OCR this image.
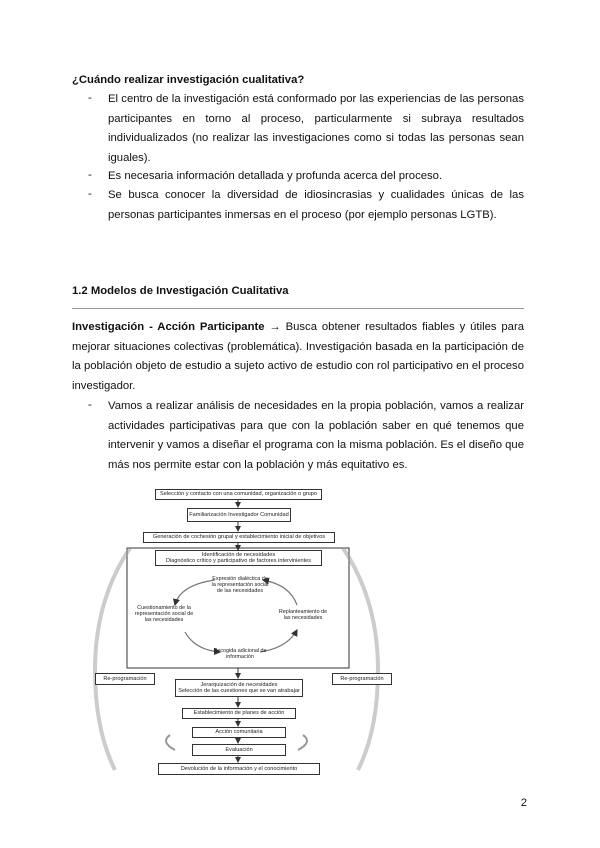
¿Cuándo realizar investigación cualitativa?

- El centro de la investigación está conformado por las experiencias de las personas participantes en torno al proceso, particularmente si subraya resultados individualizados (no realizar las investigaciones como si todas las personas sean iguales).

- Es necesaria información detallada y profunda acerca del proceso.

- Se busca conocer la diversidad de idiosincrasias y cualidades únicas de las personas participantes inmersas en el proceso (por ejemplo personas LGTB).

1.2 Modelos de Investigación Cualitativa

Investigación - Acción Participante → Busca obtener resultados fiables y útiles para mejorar situaciones colectivas (problemática). Investigación basada en la participación de la población objeto de estudio a sujeto activo de estudio con rol participativo en el proceso investigador.

- Vamos a realizar análisis de necesidades en la propia población, vamos a realizar actividades participativas para que con la población saber en qué tenemos que intervenir y vamos a diseñar el programa con la misma población. Es el diseño que más nos permite estar con la población y más equitativo es.

Selección y contacto con una comunidad, organización o grupo
Familiarización Investigador Comunidad
Generación de cochesión grupal y establecimiento inicial de objetivos
Identificación de necesidades
Diagnóstico crítico y participativo de factores intervinientes
Expresión dialéctica de la representación social de las necesidades
Cuestionamiento de la representación social de las necesidades
Replanteamiento de las necesidades
Recogida adicional de información
Re-programación	Re-programación
Jerarquización de necesidades
Selección de las cuestiones que se van atrabajar
Establecimiento de planes de acción
Acción comunitaria
Evaluación
Devolución de la información y el conocimiento
2
